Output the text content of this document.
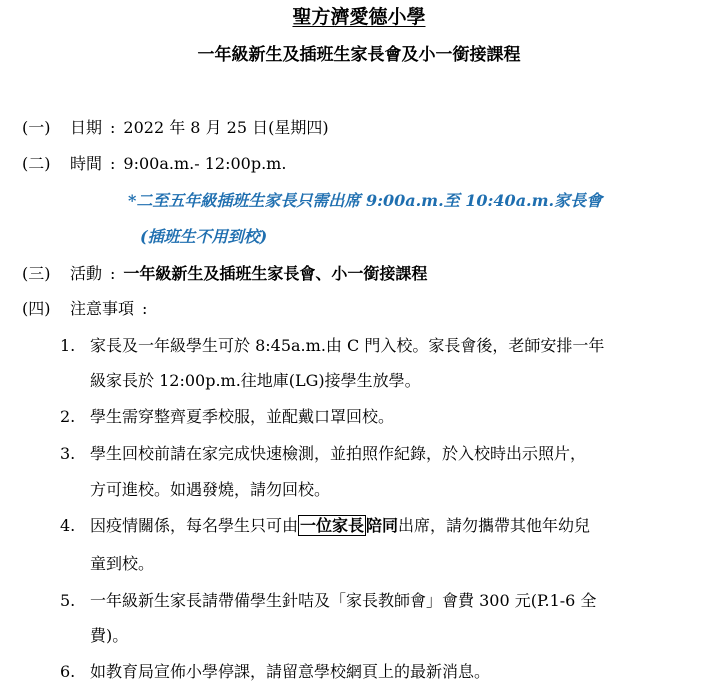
聖方濟愛德小學
一年級新生及插班生家長會及小一銜接課程
(一) 日期 : 2022 年 8 月 25 日(星期四)
(二) 時間 : 9:00a.m.- 12:00p.m.
*二至五年級插班生家長只需出席 9:00a.m.至 10:40a.m.家長會
(插班生不用到校)
(三) 活動 : 一年級新生及插班生家長會、小一銜接課程
(四) 注意事項 :
1. 家長及一年級學生可於 8:45a.m.由 C 門入校。家長會後，老師安排一年
級家長於 12:00p.m.往地庫(LG)接學生放學。
2. 學生需穿整齊夏季校服，並配戴口罩回校。
3. 學生回校前請在家完成快速檢測，並拍照作紀錄，於入校時出示照片，
方可進校。如遇發燒，請勿回校。
4. 因疫情關係，每名學生只可由 一位家長 陪同出席，請勿攜帶其他年幼兒
童到校。
5. 一年級新生家長請帶備學生針咭及「家長教師會」會費 300 元(P.1-6 全
費)。
6. 如教育局宣佈小學停課，請留意學校網頁上的最新消息。
